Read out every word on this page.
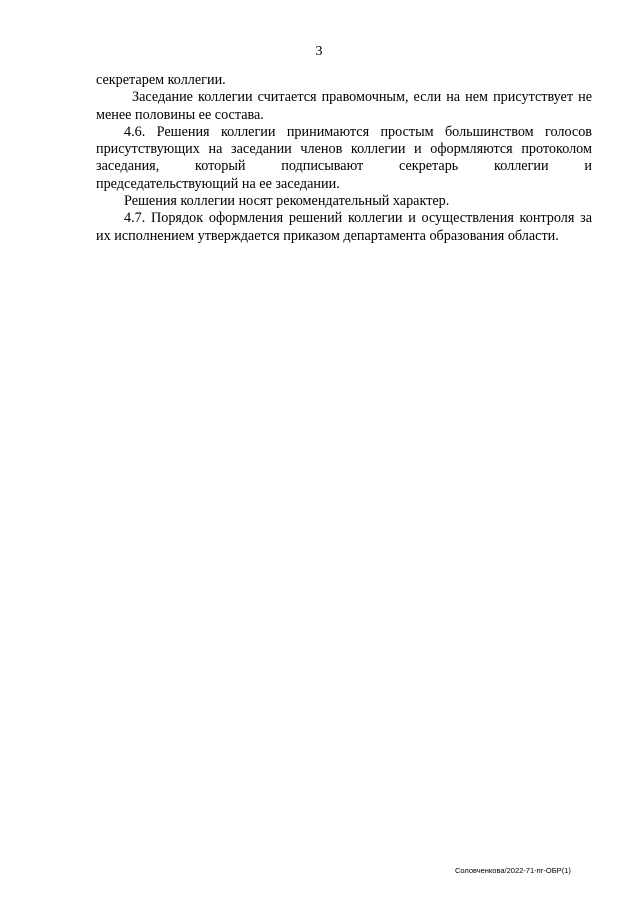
3

секретарем коллегии.

Заседание коллегии считается правомочным, если на нем присутствует не менее половины ее состава.

4.6. Решения коллегии принимаются простым большинством голосов присутствующих на заседании членов коллегии и оформляются протоколом заседания, который подписывают секретарь коллегии и

председательствующий на ее заседании.

Решения коллегии носят рекомендательный характер.

4.7. Порядок оформления решений коллегии и осуществления контроля за их исполнением утверждается приказом департамента образования области.

Соловченкова/2022-71-пг-ОБР(1)
